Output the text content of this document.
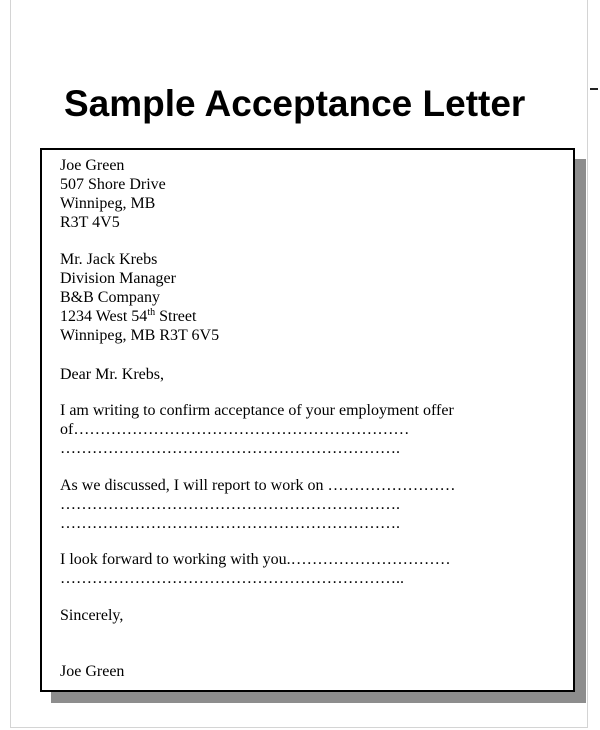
Sample Acceptance Letter

Joe Green

507 Shore Drive

Winnipeg, MB

R3T 4V5

Mr. Jack Krebs

Division Manager

B&B Company

1234 West 54th Street

Winnipeg, MB R3T 6V5

Dear Mr. Krebs,

I am writing to confirm acceptance of your employment offer

of………………………………………………………

……………………………………………………….

As we discussed, I will report to work on ……………………

……………………………………………………….

……………………………………………………….

I look forward to working with you.…………………………

………………………………………………………..

Sincerely,

Joe Green
